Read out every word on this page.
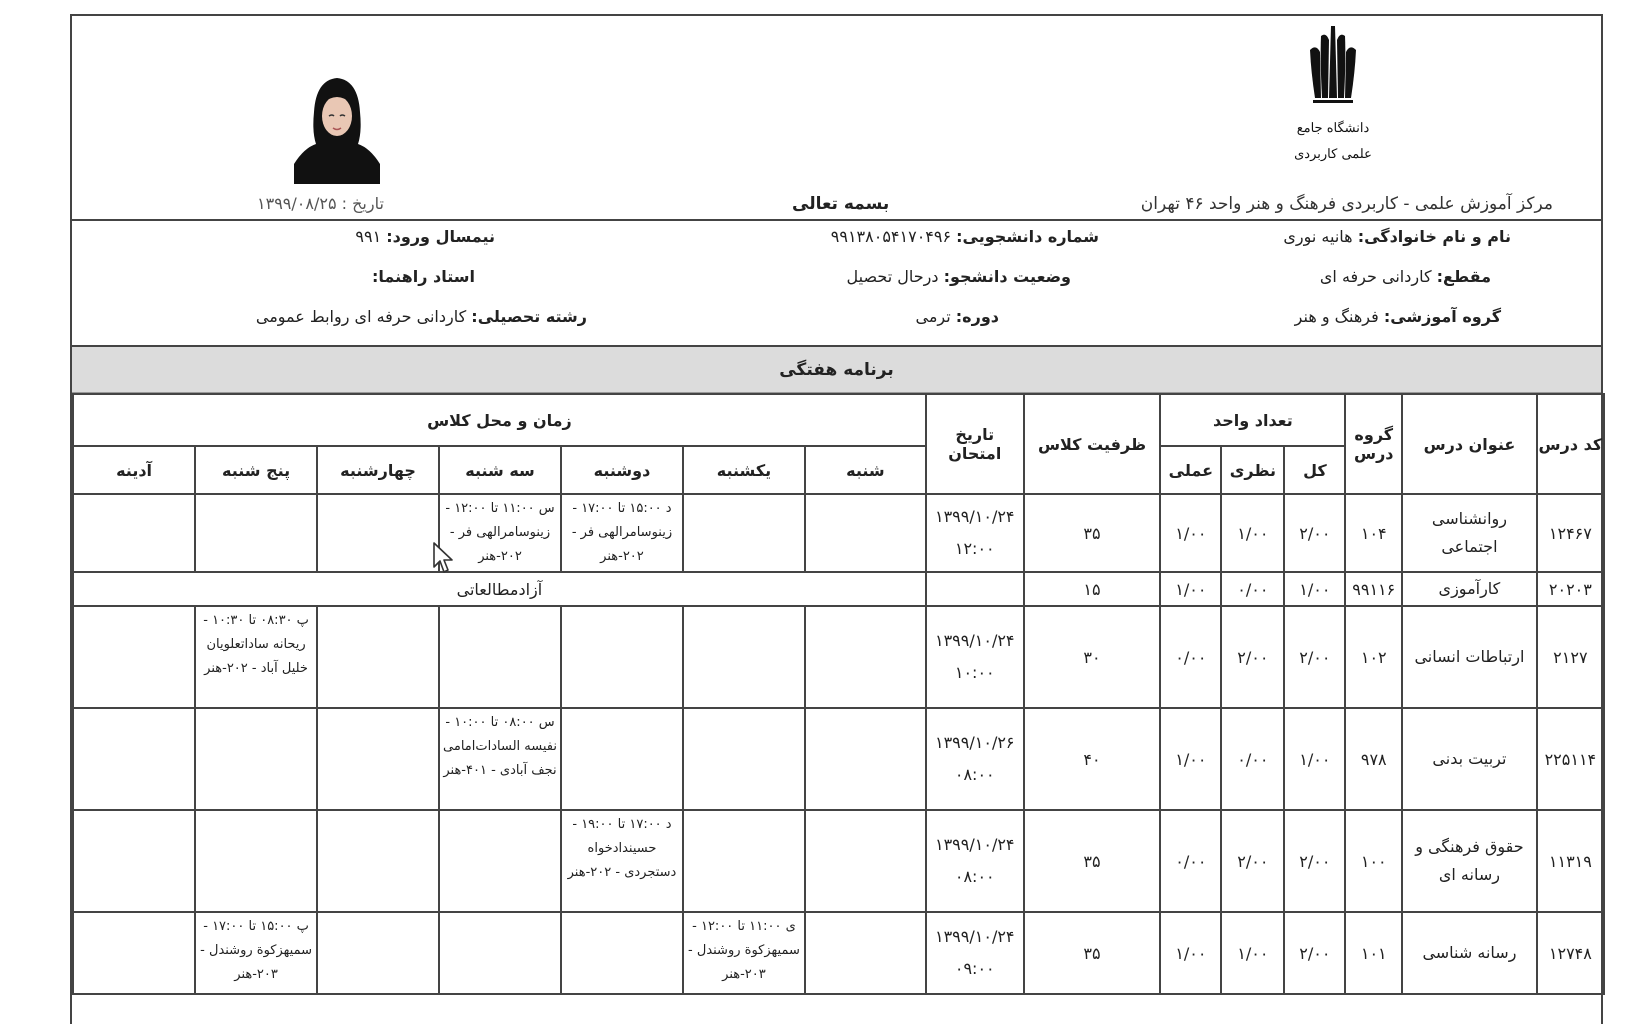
دانشگاه جامع
علمی کاربردی
مرکز آموزش علمی - کاربردی فرهنگ و هنر واحد ۴۶ تهران
بسمه تعالی
تاریخ : ۱۳۹۹/۰۸/۲۵
نام و نام خانوادگی: هانیه نوری
شماره دانشجویی: ۹۹۱۳۸۰۵۴۱۷۰۴۹۶
نیمسال ورود: ۹۹۱
مقطع: کاردانی حرفه ای
وضعیت دانشجو: درحال تحصیل
استاد راهنما:
گروه آموزشی: فرهنگ و هنر
دوره: ترمی
رشته تحصیلی: کاردانی حرفه ای روابط عمومی
برنامه هفتگی
کد درس	عنوان درس	گروه درس	تعداد واحد			ظرفیت کلاس	تاریخ امتحان	زمان و محل کلاس						
			کل	نظری	عملی			شنبه	یکشنبه	دوشنبه	سه شنبه	چهارشنبه	پنج شنبه	آدینه
۱۲۴۶۷	روانشناسی اجتماعی	۱۰۴	۲/۰۰	۱/۰۰	۱/۰۰	۳۵	۱۳۹۹/۱۰/۲۴ ۱۲:۰۰			د ۱۵:۰۰ تا ۱۷:۰۰ - زینوسامرالهی فر - ۲۰۲-هنر	س ۱۱:۰۰ تا ۱۲:۰۰ - زینوسامرالهی فر - ۲۰۲-هنر			

۲۰۲۰۳	کارآموزی	۹۹۱۱۶	۱/۰۰	۰/۰۰	۱/۰۰	۱۵		آزادمطالعاتی						
۲۱۲۷	ارتباطات انسانی	۱۰۲	۲/۰۰	۲/۰۰	۰/۰۰	۳۰	۱۳۹۹/۱۰/۲۴ ۱۰:۰۰						پ ۰۸:۳۰ تا ۱۰:۳۰ - ریحانه ساداتعلویان خلیل آباد - ۲۰۲-هنر	

۲۲۵۱۱۴	تربیت بدنی	۹۷۸	۱/۰۰	۰/۰۰	۱/۰۰	۴۰	۱۳۹۹/۱۰/۲۶ ۰۸:۰۰				س ۰۸:۰۰ تا ۱۰:۰۰ - نفیسه السادات‌امامی نجف آبادی - ۴۰۱-هنر			

۱۱۳۱۹	حقوق فرهنگی و رسانه ای	۱۰۰	۲/۰۰	۲/۰۰	۰/۰۰	۳۵	۱۳۹۹/۱۰/۲۴ ۰۸:۰۰			د ۱۷:۰۰ تا ۱۹:۰۰ - حسیندادخواه دستجردی - ۲۰۲-هنر				

۱۲۷۴۸	رسانه شناسی	۱۰۱	۲/۰۰	۱/۰۰	۱/۰۰	۳۵	۱۳۹۹/۱۰/۲۴ ۰۹:۰۰		ی ۱۱:۰۰ تا ۱۲:۰۰ - سمیهزکوة روشندل - ۲۰۳-هنر				پ ۱۵:۰۰ تا ۱۷:۰۰ - سمیهزکوة روشندل - ۲۰۳-هنر	
